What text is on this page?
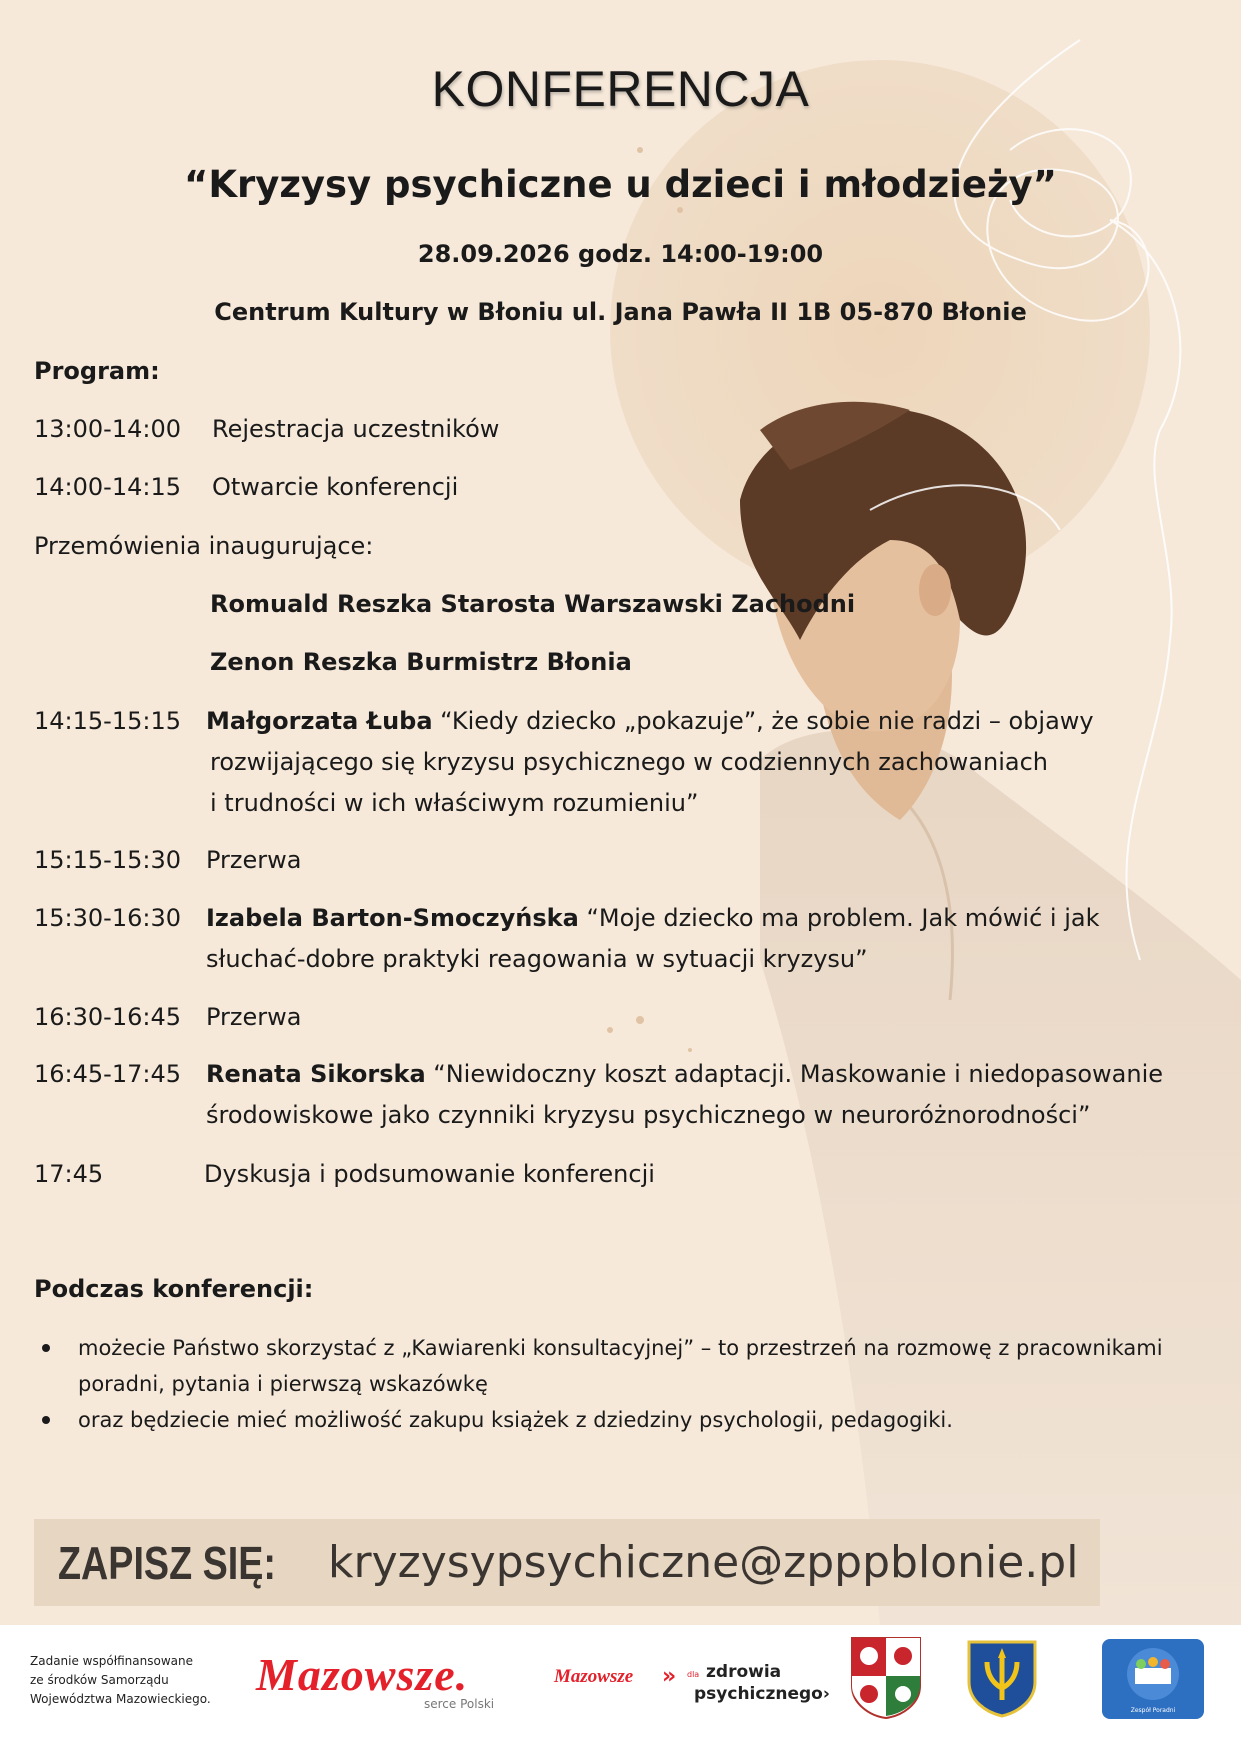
KONFERENCJA
“Kryzysy psychiczne u dzieci i młodzieży”
28.09.2026 godz. 14:00-19:00
Centrum Kultury w Błoniu ul. Jana Pawła II 1B 05-870 Błonie
Program:
13:00-14:00 Rejestracja uczestników
14:00-14:15 Otwarcie konferencji
Przemówienia inaugurujące:
Romuald Reszka Starosta Warszawski Zachodni
Zenon Reszka Burmistrz Błonia
14:15-15:15 Małgorzata Łuba “Kiedy dziecko „pokazuje”, że sobie nie radzi – objawy
rozwijającego się kryzysu psychicznego w codziennych zachowaniach
i trudności w ich właściwym rozumieniu”
15:15-15:30 Przerwa
15:30-16:30 Izabela Barton-Smoczyńska “Moje dziecko ma problem. Jak mówić i jak
słuchać-dobre praktyki reagowania w sytuacji kryzysu”
16:30-16:45 Przerwa
16:45-17:45 Renata Sikorska “Niewidoczny koszt adaptacji. Maskowanie i niedopasowanie
środowiskowe jako czynniki kryzysu psychicznego w neuroróżnorodności”
17:45	Dyskusja i podsumowanie konferencji
Podczas konferencji:
możecie Państwo skorzystać z „Kawiarenki konsultacyjnej” – to przestrzeń na rozmowę z pracownikami poradni, pytania i pierwszą wskazówkę
oraz będziecie mieć możliwość zakupu książek z dziedziny psychologii, pedagogiki.
ZAPISZ SIĘ: kryzysypsychiczne@zpppblonie.pl
Zadanie współfinansowane
ze środków Samorządu
Województwa Mazowieckiego. Mazowsze.
serce Polski
Mazowsze » dla zdrowia
psychicznego›
Zespół Poradni
